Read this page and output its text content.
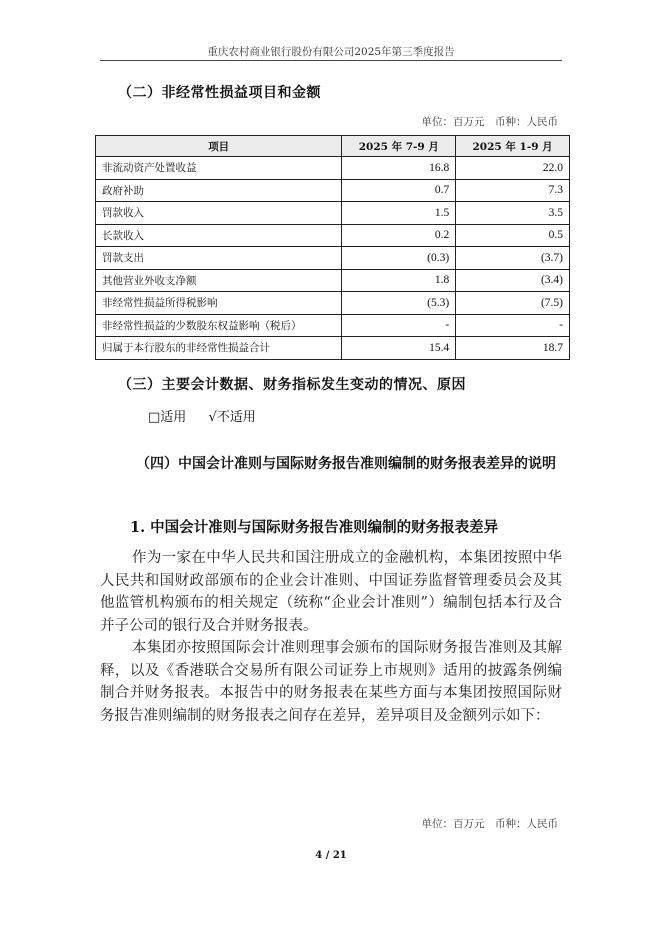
重庆农村商业银行股份有限公司2025年第三季度报告
（二）非经常性损益项目和金额
单位：百万元　币种：人民币
项目	2025 年 7-9 月	2025 年 1-9 月
非流动资产处置收益	16.8	22.0
政府补助	0.7	7.3
罚款收入	1.5	3.5
长款收入	0.2	0.5
罚款支出	(0.3)	(3.7)
其他营业外收支净额	1.8	(3.4)
非经常性损益所得税影响	(5.3)	(7.5)
非经常性损益的少数股东权益影响（税后）	-	-
归属于本行股东的非经常性损益合计	15.4	18.7
（三）主要会计数据、财务指标发生变动的情况、原因
□适用 √不适用
（四）中国会计准则与国际财务报告准则编制的财务报表差异的说明
1. 中国会计准则与国际财务报告准则编制的财务报表差异
作为一家在中华人民共和国注册成立的金融机构，本集团按照中华人民共和国财政部颁布的企业会计准则、中国证券监督管理委员会及其他监管机构颁布的相关规定（统称“企业会计准则”）编制包括本行及合并子公司的银行及合并财务报表。
本集团亦按照国际会计准则理事会颁布的国际财务报告准则及其解释，以及《香港联合交易所有限公司证券上市规则》适用的披露条例编制合并财务报表。本报告中的财务报表在某些方面与本集团按照国际财务报告准则编制的财务报表之间存在差异，差异项目及金额列示如下：
单位：百万元　币种：人民币
4 / 21
